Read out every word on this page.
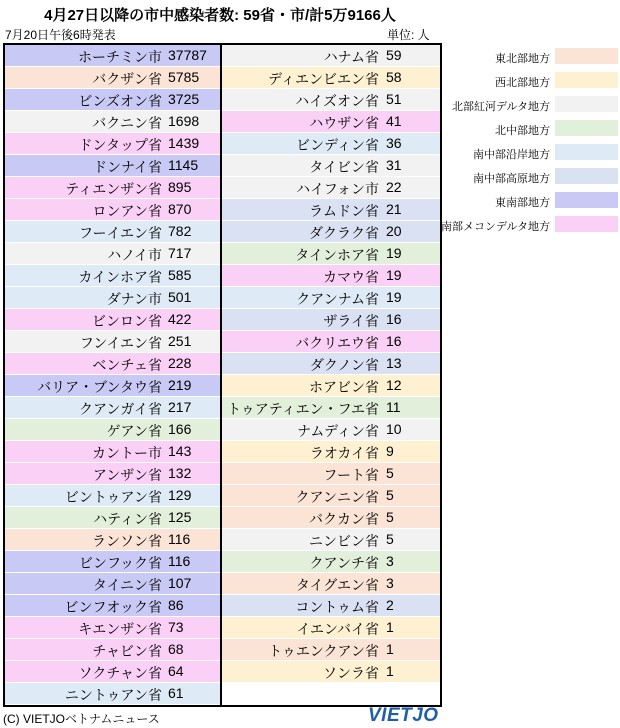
4月27日以降の市中感染者数: 59省・市/計5万9166人
7月20日午後6時発表	単位: 人
ホーチミン市 37787
バクザン省 5785
ビンズオン省 3725
バクニン省 1698
ドンタップ省 1439
ドンナイ省 1145
ティエンザン省 895
ロンアン省 870
フーイエン省 782
ハノイ市 717
カインホア省 585
ダナン市 501
ビンロン省 422
フンイエン省 251
ベンチェ省 228
バリア・ブンタウ省 219
クアンガイ省 217
ゲアン省 166
カントー市 143
アンザン省 132
ビントゥアン省 129
ハティン省 125
ランソン省 116
ビンフック省 116
タイニン省 107
ビンフオック省 86
キエンザン省 73
チャビン省 68
ソクチャン省 64
ニントゥアン省 61
ハナム省 59
ディエンビエン省 58
ハイズオン省 51
ハウザン省 41
ビンディン省 36
タイビン省 31
ハイフォン市 22
ラムドン省 21
ダクラク省 20
タインホア省 19
カマウ省 19
クアンナム省 19
ザライ省 16
バクリエウ省 16
ダクノン省 13
ホアビン省 12
トゥアティエン・フエ省 11
ナムディン省 10
ラオカイ省 9
フート省 5
クアンニン省 5
バクカン省 5
ニンビン省 5
クアンチ省 3
タイグエン省 3
コントゥム省 2
イエンバイ省 1
トゥエンクアン省 1
ソンラ省 1
東北部地方
西北部地方
北部紅河デルタ地方
北中部地方
南中部沿岸地方
南中部高原地方
東南部地方
南部メコンデルタ地方
(C) VIETJOベトナムニュース	VIETJO
